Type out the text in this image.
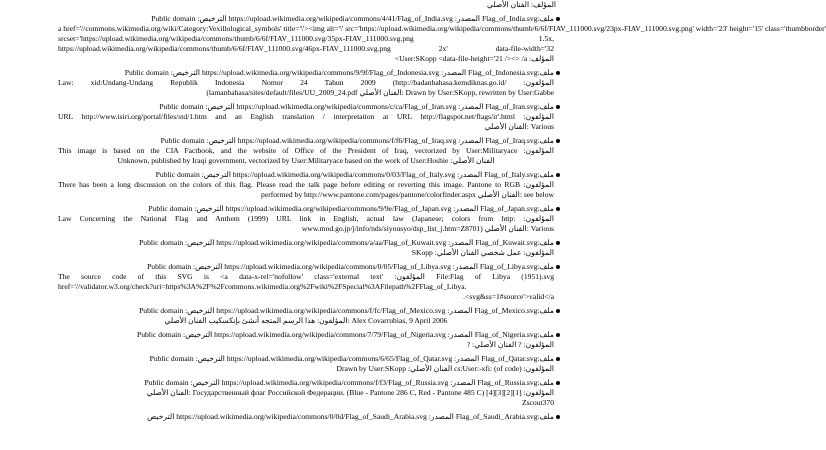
المؤلف: الفنان الأصلي
ملف:Flag_of_India.svg المصدر: https://upload.wikimedia.org/wikipedia/commons/4/41/Flag_of_India.svg الترخيص: Public domain
a href='//commons.wikimedia.org/wiki/Category:Vexillological_symbols' title='\'><img alt='\' src='https://upload.wikimedia.org/wikipedia/commons/thumb/6/6f/FIAV_111000.svg/23px-FIAV_111000.svg.png' width='23' height='15' class='thumbborder'
srcset='https://upload.wikimedia.org/wikipedia/commons/thumb/6/6f/FIAV_111000.svg/35px-FIAV_111000.svg.png 1.5x,
https://upload.wikimedia.org/wikipedia/commons/thumb/6/6f/FIAV_111000.svg/46px-FIAV_111000.svg.png 2x' data-file-width='32
المؤلف: User:SKopp <data-file-height='21 /><> /a>
ملف:Flag_of_Indonesia.svg المصدر: https://upload.wikimedia.org/wikipedia/commons/9/9f/Flag_of_Indonesia.svg الترخيص: Public domain
Law: xid:Undang-Undang Republik Indonesia Nomor 24 Tahun 2009 (http://badanbahasa.kemdiknas.go.id/ :المؤلفون
Drawn by User:SKopp, rewritten by User:Gabbe :الفنان الأصلي lamanbahasa/sites/default/files/UU_2009_24.pdf)
ملف:Flag_of_Iran.svg المصدر: https://upload.wikimedia.org/wikipedia/commons/c/ca/Flag_of_Iran.svg الترخيص: Public domain
URL http://www.isiri.org/portal/files/std/1.htm and an English translation / interpretation at URL http://flagspot.net/flags/ir'.html :المؤلفون
Various :الفنان الأصلي
ملف:Flag_of_Iraq.svg المصدر: https://upload.wikimedia.org/wikipedia/commons/f/f6/Flag_of_Iraq.svg الترخيص: Public domain
This image is based on the CIA Factbook, and the website of Office of the President of Iraq, vectorized by User:Militaryace :المؤلفون
Unknown, published by Iraqi government, vectorized by User:Militaryace based on the work of User:Hoshie :الفنان الأصلي
ملف:Flag_of_Italy.svg المصدر: https://upload.wikimedia.org/wikipedia/commons/0/03/Flag_of_Italy.svg الترخيص: Public domain
There has been a long discussion on the colors of this flag. Please read the talk page before editing or reverting this image. Pantone to RGB :المؤلفون
see below :الفنان الأصلي performed by http://www.pantone.com/pages/pantone/colorfinder.aspx
ملف:Flag_of_Japan.svg المصدر: https://upload.wikimedia.org/wikipedia/commons/9/9e/Flag_of_Japan.svg الترخيص: Public domain
Law Concerning the National Flag and Anthem (1999) URL link in English, actual law (Japanese; colors from http: :المؤلفون
Various :الفنان الأصلي (www.mod.go.jp/j/info/nds/siyousyo/dsp_list_j.htm=Z8701
ملف:Flag_of_Kuwait.svg المصدر: https://upload.wikimedia.org/wikipedia/commons/a/aa/Flag_of_Kuwait.svg الترخيص: Public domain
المؤلفون: عمل شخصي الفنان الأصلي: SKopp
ملف:Flag_of_Libya.svg المصدر: https://upload.wikimedia.org/wikipedia/commons/0/05/Flag_of_Libya.svg الترخيص: Public domain
The source code of this SVG is <a data-x-rel='nofollow' class='external text' :المؤلفون File:Flag of Libya (1951).svg
href='//validator.w3.org/check?uri=https%3A%2F%2Fcommons.wikimedia.org%2Fwiki%2FSpecial%3AFilepath%2FFlag_of_Libya.
svg&ss=1#source'>valid</a>.
ملف:Flag_of_Mexico.svg المصدر: https://upload.wikimedia.org/wikipedia/commons/f/fc/Flag_of_Mexico.svg الترخيص: Public domain
المؤلفون: هذا الرسم المتجه أنشئ بإنكسكيب الفنان الأصلي: Alex Covarrubias, 9 April 2006
ملف:Flag_of_Nigeria.svg المصدر: https://upload.wikimedia.org/wikipedia/commons/7/79/Flag_of_Nigeria.svg الترخيص: Public domain
المؤلفون: ? الفنان الأصلي: ?
ملف:Flag_of_Qatar.svg المصدر: https://upload.wikimedia.org/wikipedia/commons/6/65/Flag_of_Qatar.svg الترخيص: Public domain
المؤلفون: (of code) :cs:User:-xfi الفنان الأصلي: Drawn by User:SKopp
ملف:Flag_of_Russia.svg المصدر: https://upload.wikimedia.org/wikipedia/commons/f/f3/Flag_of_Russia.svg الترخيص: Public domain
المؤلفون: [1][2][3][4] Государственный флаг Российской Федерации. (Blue - Pantone 286 C, Red - Pantone 485 C) :الفنان الأصلي
Zscout370
ملف:Flag_of_Saudi_Arabia.svg المصدر: https://upload.wikimedia.org/wikipedia/commons/0/0d/Flag_of_Saudi_Arabia.svg الترخيص
